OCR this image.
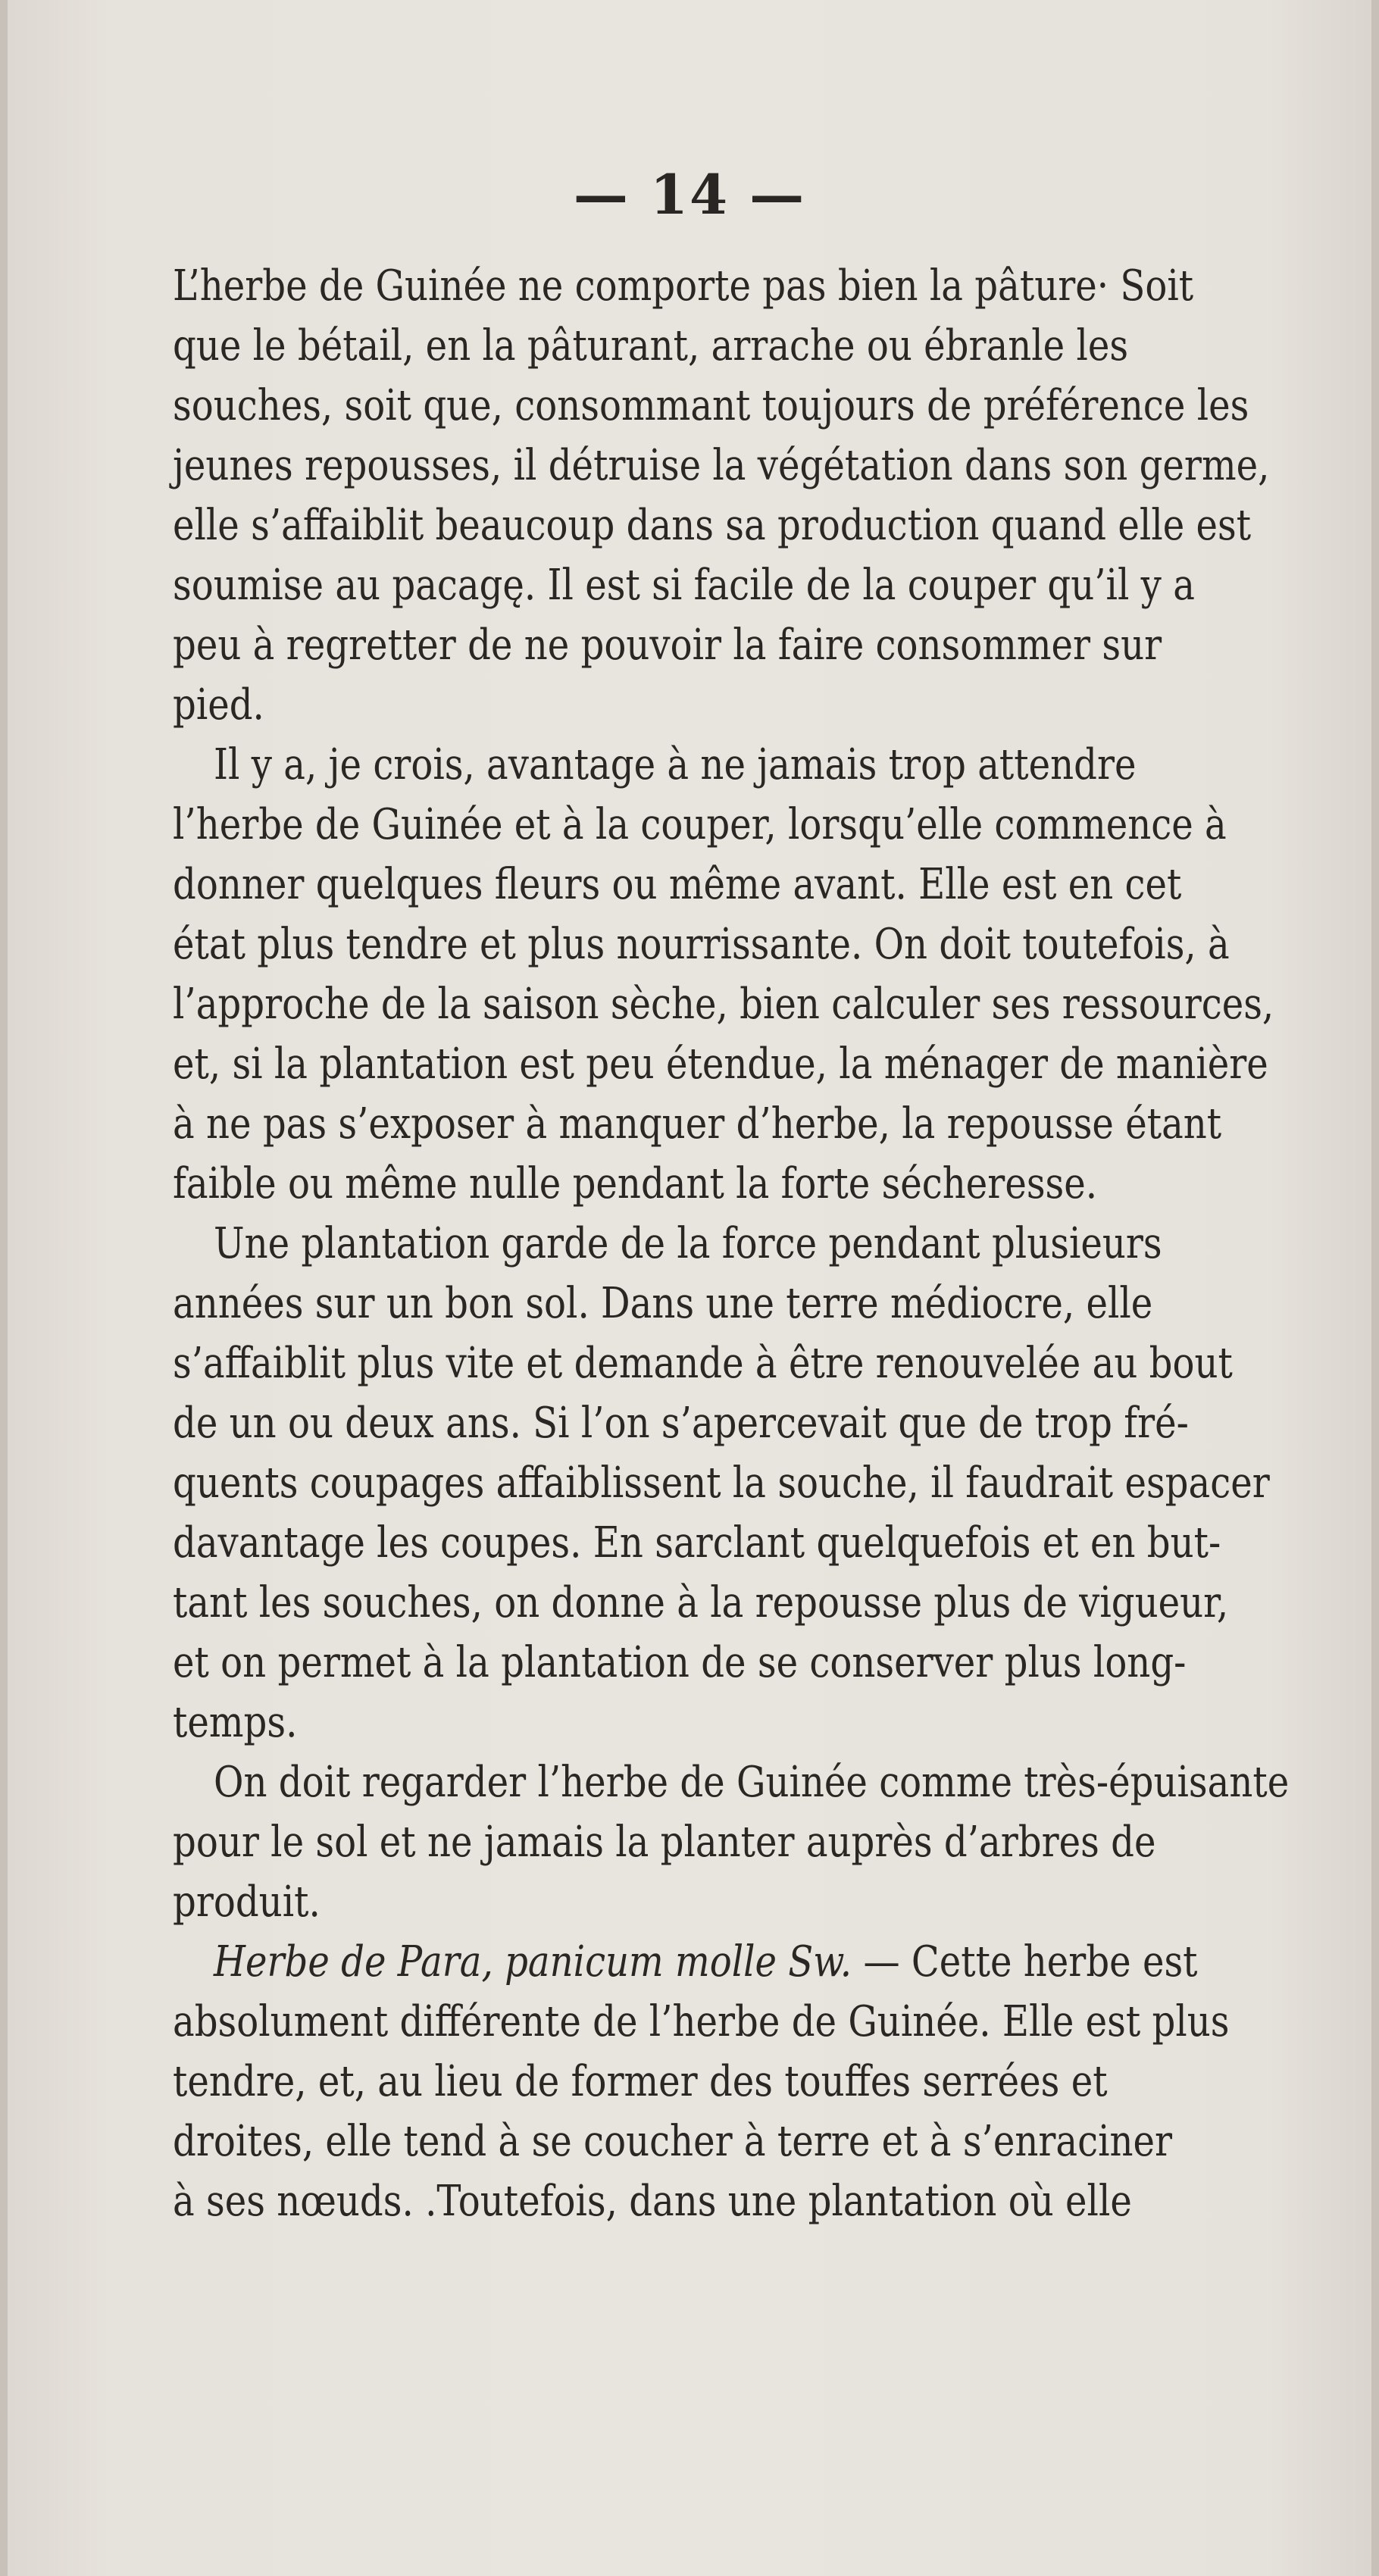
— 14 —
L’herbe de Guinée ne comporte pas bien la pâture· Soit
que le bétail, en la pâturant, arrache ou ébranle les
souches, soit que, consommant toujours de préférence les
jeunes repousses, il détruise la végétation dans son germe,
elle s’affaiblit beaucoup dans sa production quand elle est
soumise au pacagę. Il est si facile de la couper qu’il y a
peu à regretter de ne pouvoir la faire consommer sur
pied.
Il y a, je crois, avantage à ne jamais trop attendre
l’herbe de Guinée et à la couper, lorsqu’elle commence à
donner quelques fleurs ou même avant. Elle est en cet
état plus tendre et plus nourrissante. On doit toutefois, à
l’approche de la saison sèche, bien calculer ses ressources,
et, si la plantation est peu étendue, la ménager de manière
à ne pas s’exposer à manquer d’herbe, la repousse étant
faible ou même nulle pendant la forte sécheresse.
Une plantation garde de la force pendant plusieurs
années sur un bon sol. Dans une terre médiocre, elle
s’affaiblit plus vite et demande à être renouvelée au bout
de un ou deux ans. Si l’on s’apercevait que de trop fré-
quents coupages affaiblissent la souche, il faudrait espacer
davantage les coupes. En sarclant quelquefois et en but-
tant les souches, on donne à la repousse plus de vigueur,
et on permet à la plantation de se conserver plus long-
temps.
On doit regarder l’herbe de Guinée comme très-épuisante
pour le sol et ne jamais la planter auprès d’arbres de
produit.
Herbe de Para, panicum molle Sw. — Cette herbe est
absolument différente de l’herbe de Guinée. Elle est plus
tendre, et, au lieu de former des touffes serrées et
droites, elle tend à se coucher à terre et à s’enraciner
à ses nœuds. .Toutefois, dans une plantation où elle
